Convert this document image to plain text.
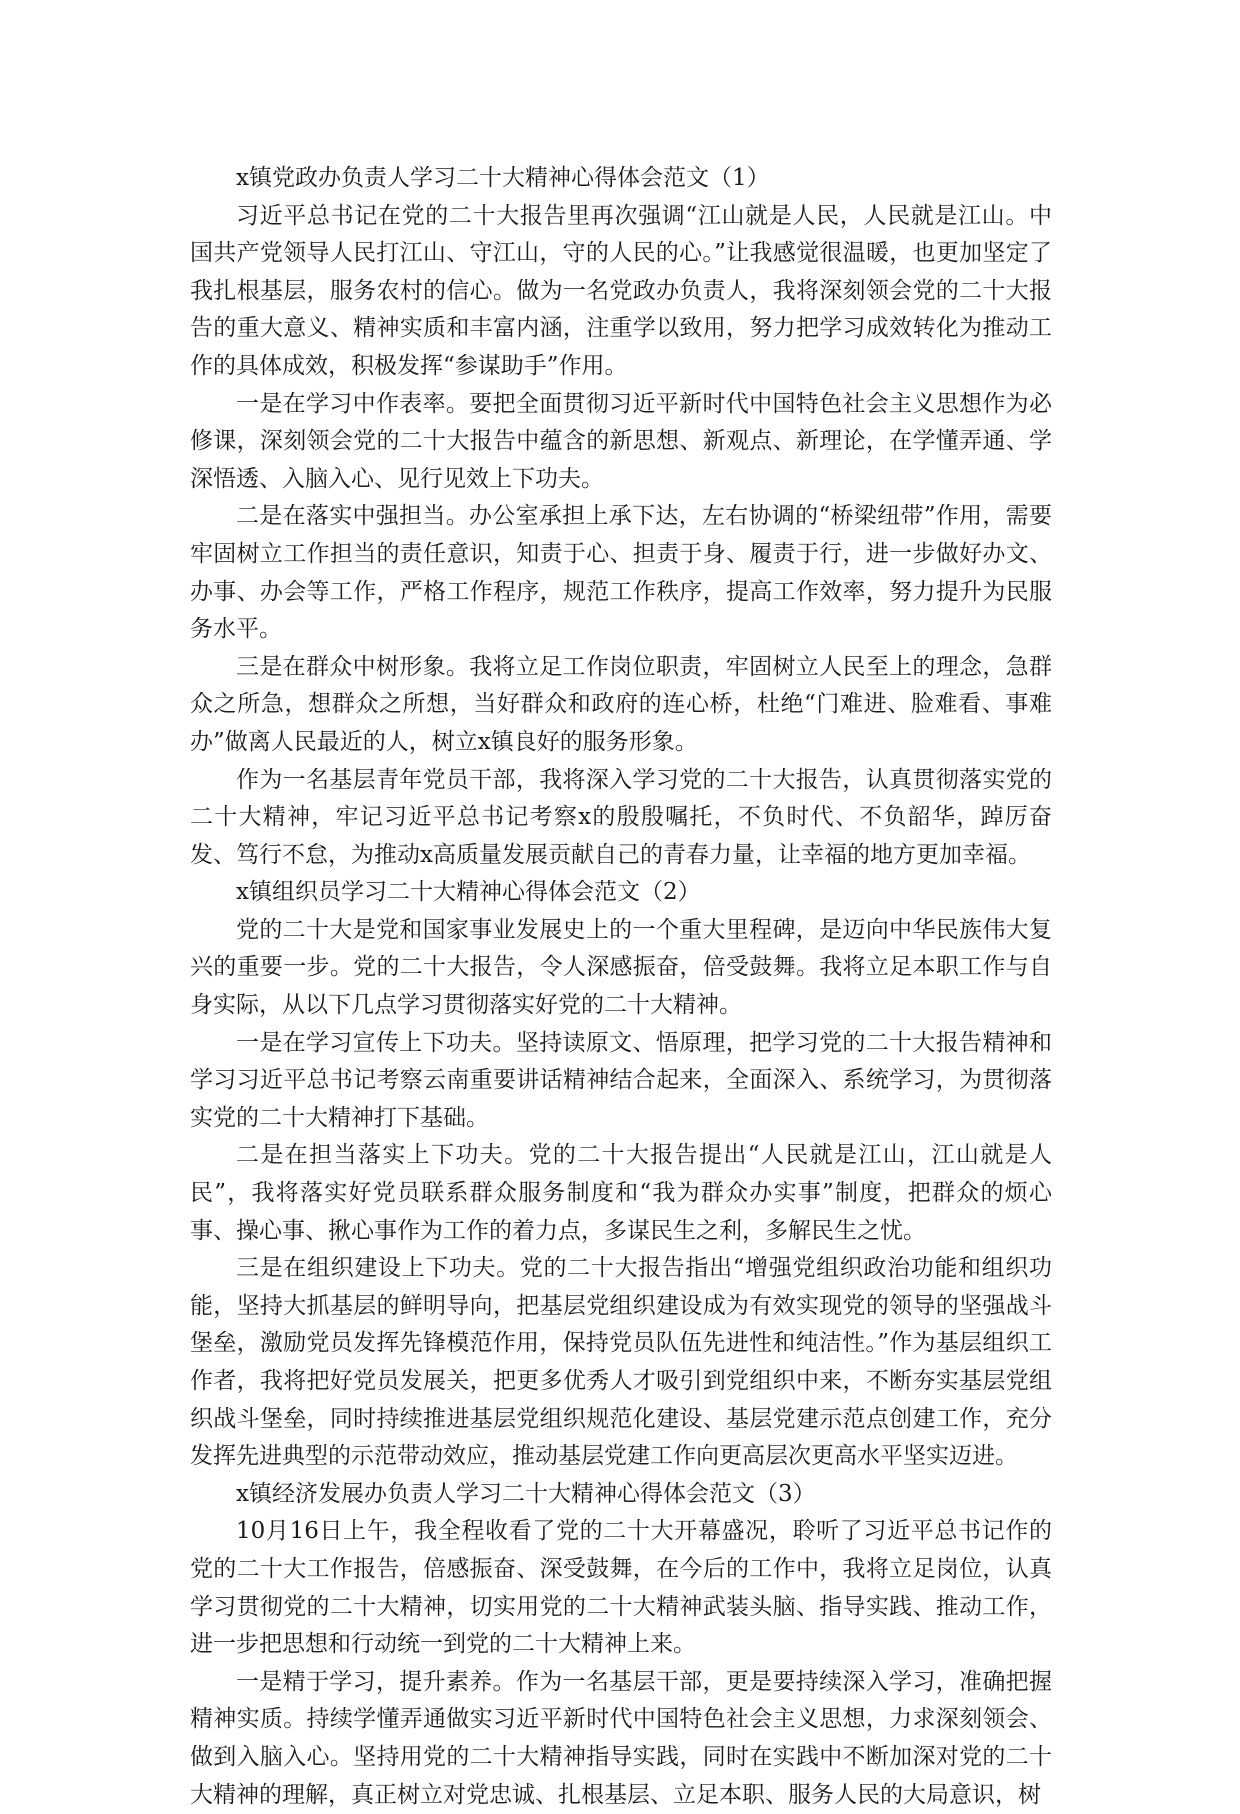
x镇党政办负责人学习二十大精神心得体会范文（1）

习近平总书记在党的二十大报告里再次强调“江山就是人民，人民就是江山。中国共产党领导人民打江山、守江山，守的人民的心。”让我感觉很温暖，也更加坚定了我扎根基层，服务农村的信心。做为一名党政办负责人，我将深刻领会党的二十大报告的重大意义、精神实质和丰富内涵，注重学以致用，努力把学习成效转化为推动工作的具体成效，积极发挥“参谋助手”作用。

一是在学习中作表率。要把全面贯彻习近平新时代中国特色社会主义思想作为必修课，深刻领会党的二十大报告中蕴含的新思想、新观点、新理论，在学懂弄通、学深悟透、入脑入心、见行见效上下功夫。

二是在落实中强担当。办公室承担上承下达，左右协调的“桥梁纽带”作用，需要牢固树立工作担当的责任意识，知责于心、担责于身、履责于行，进一步做好办文、办事、办会等工作，严格工作程序，规范工作秩序，提高工作效率，努力提升为民服务水平。

三是在群众中树形象。我将立足工作岗位职责，牢固树立人民至上的理念，急群众之所急，想群众之所想，当好群众和政府的连心桥，杜绝“门难进、脸难看、事难办”做离人民最近的人，树立x镇良好的服务形象。

作为一名基层青年党员干部，我将深入学习党的二十大报告，认真贯彻落实党的二十大精神，牢记习近平总书记考察x的殷殷嘱托，不负时代、不负韶华，踔厉奋发、笃行不怠，为推动x高质量发展贡献自己的青春力量，让幸福的地方更加幸福。

x镇组织员学习二十大精神心得体会范文（2）

党的二十大是党和国家事业发展史上的一个重大里程碑，是迈向中华民族伟大复兴的重要一步。党的二十大报告，令人深感振奋，倍受鼓舞。我将立足本职工作与自身实际，从以下几点学习贯彻落实好党的二十大精神。

一是在学习宣传上下功夫。坚持读原文、悟原理，把学习党的二十大报告精神和学习习近平总书记考察云南重要讲话精神结合起来，全面深入、系统学习，为贯彻落实党的二十大精神打下基础。

二是在担当落实上下功夫。党的二十大报告提出“人民就是江山，江山就是人民”，我将落实好党员联系群众服务制度和“我为群众办实事”制度，把群众的烦心事、操心事、揪心事作为工作的着力点，多谋民生之利，多解民生之忧。

三是在组织建设上下功夫。党的二十大报告指出“增强党组织政治功能和组织功能，坚持大抓基层的鲜明导向，把基层党组织建设成为有效实现党的领导的坚强战斗堡垒，激励党员发挥先锋模范作用，保持党员队伍先进性和纯洁性。”作为基层组织工作者，我将把好党员发展关，把更多优秀人才吸引到党组织中来，不断夯实基层党组织战斗堡垒，同时持续推进基层党组织规范化建设、基层党建示范点创建工作，充分发挥先进典型的示范带动效应，推动基层党建工作向更高层次更高水平坚实迈进。

x镇经济发展办负责人学习二十大精神心得体会范文（3）

10月16日上午，我全程收看了党的二十大开幕盛况，聆听了习近平总书记作的党的二十大工作报告，倍感振奋、深受鼓舞，在今后的工作中，我将立足岗位，认真学习贯彻党的二十大精神，切实用党的二十大精神武装头脑、指导实践、推动工作，进一步把思想和行动统一到党的二十大精神上来。

一是精于学习，提升素养。作为一名基层干部，更是要持续深入学习，准确把握精神实质。持续学懂弄通做实习近平新时代中国特色社会主义思想，力求深刻领会、做到入脑入心。坚持用党的二十大精神指导实践，同时在实践中不断加深对党的二十大精神的理解，真正树立对党忠诚、扎根基层、立足本职、服务人民的大局意识，树
